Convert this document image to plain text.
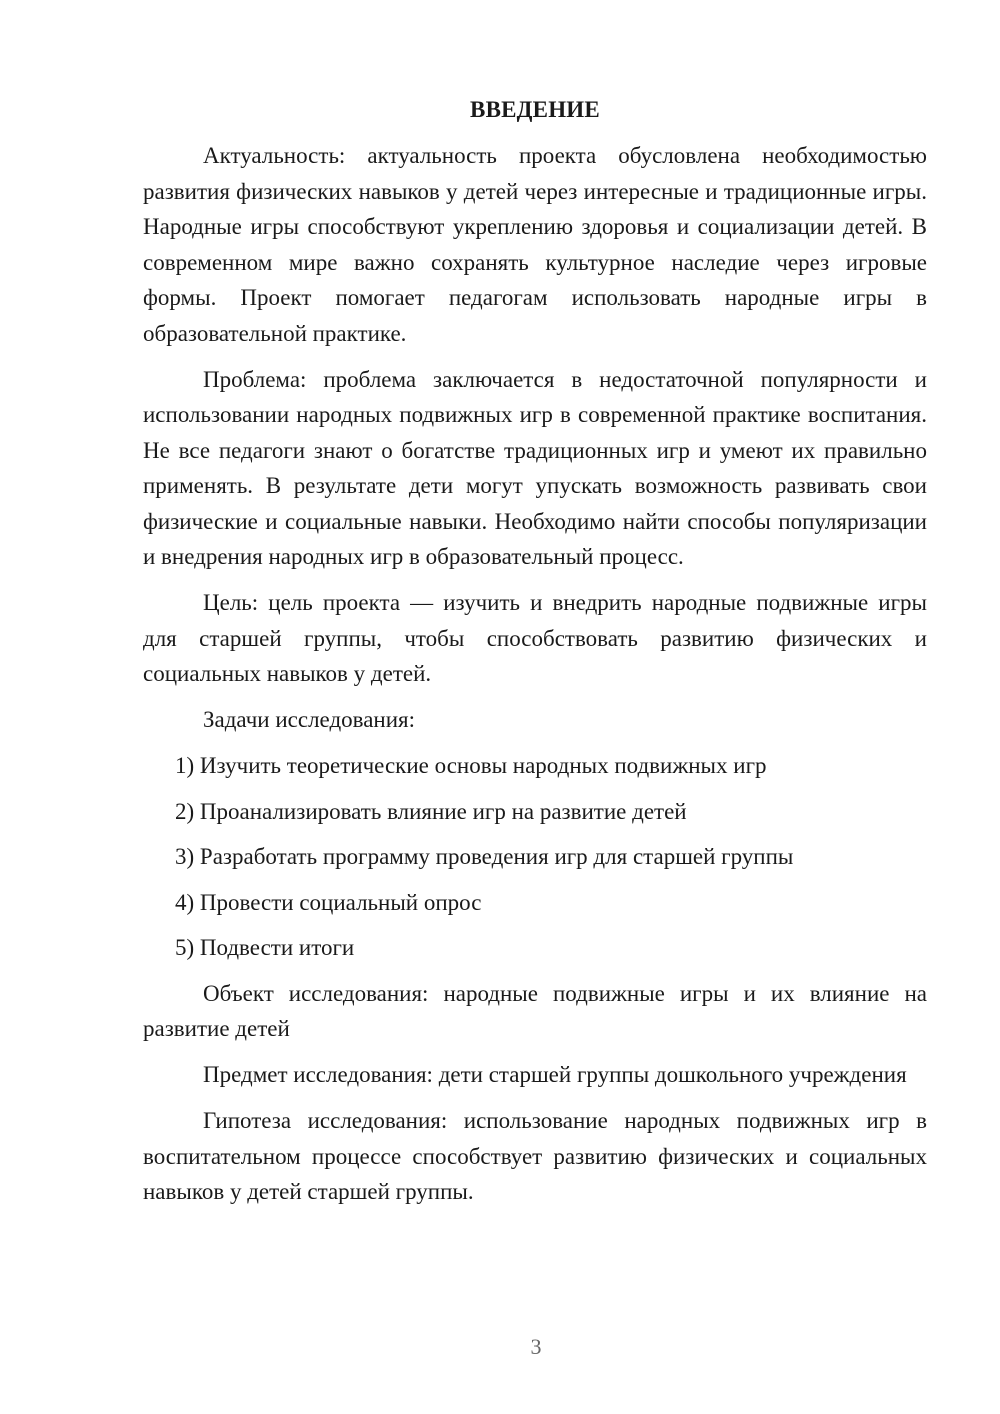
ВВЕДЕНИЕ

Актуальность: актуальность проекта обусловлена необходимостью развития физических навыков у детей через интересные и традиционные игры. Народные игры способствуют укреплению здоровья и социализации детей. В современном мире важно сохранять культурное наследие через игровые формы. Проект помогает педагогам использовать народные игры в образовательной практике.

Проблема: проблема заключается в недостаточной популярности и использовании народных подвижных игр в современной практике воспитания. Не все педагоги знают о богатстве традиционных игр и умеют их правильно применять. В результате дети могут упускать возможность развивать свои физические и социальные навыки. Необходимо найти способы популяризации и внедрения народных игр в образовательный процесс.

Цель: цель проекта — изучить и внедрить народные подвижные игры для старшей группы, чтобы способствовать развитию физических и социальных навыков у детей.

Задачи исследования:

1) Изучить теоретические основы народных подвижных игр

2) Проанализировать влияние игр на развитие детей

3) Разработать программу проведения игр для старшей группы

4) Провести социальный опрос

5) Подвести итоги

Объект исследования: народные подвижные игры и их влияние на развитие детей

Предмет исследования: дети старшей группы дошкольного учреждения

Гипотеза исследования: использование народных подвижных игр в воспитательном процессе способствует развитию физических и социальных навыков у детей старшей группы.

3
